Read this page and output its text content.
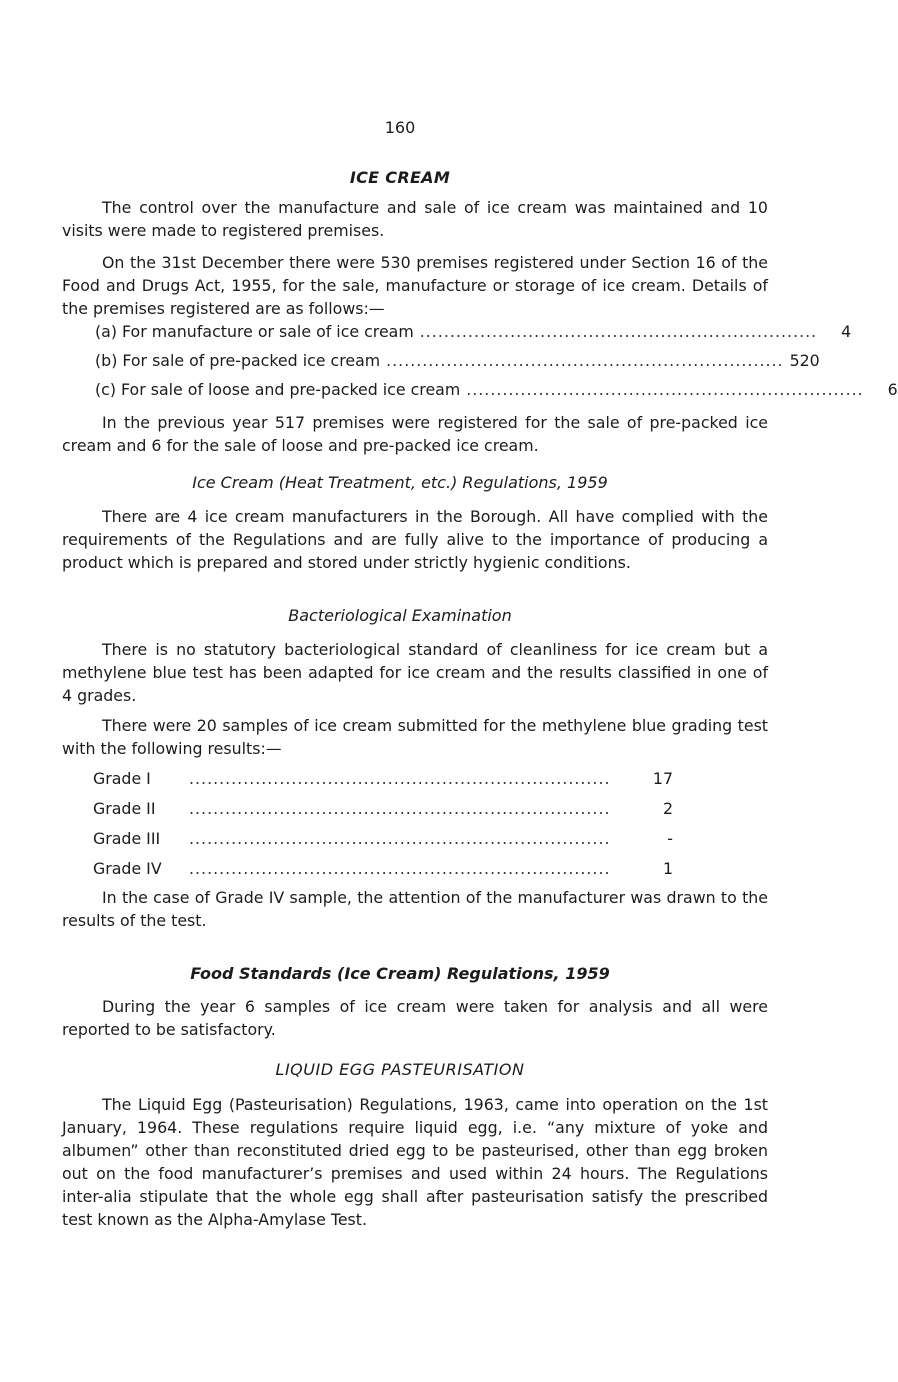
160
ICE CREAM
The control over the manufacture and sale of ice cream was maintained and 10 visits were made to registered premises.
On the 31st December there were 530 premises registered under Section 16 of the Food and Drugs Act, 1955, for the sale, manufacture or storage of ice cream. Details of the premises registered are as follows:—
(a) For manufacture or sale of ice cream ..................................................................	4
(b) For sale of pre-packed ice cream .................................................................. 520
(c) For sale of loose and pre-packed ice cream ..................................................................	6
In the previous year 517 premises were registered for the sale of pre-packed ice cream and 6 for the sale of loose and pre-packed ice cream.
Ice Cream (Heat Treatment, etc.) Regulations, 1959
There are 4 ice cream manufacturers in the Borough. All have complied with the requirements of the Regulations and are fully alive to the importance of producing a product which is prepared and stored under strictly hygienic conditions.
Bacteriological Examination
There is no statutory bacteriological standard of cleanliness for ice cream but a methylene blue test has been adapted for ice cream and the results classified in one of 4 grades.
There were 20 samples of ice cream submitted for the methylene blue grading test with the following results:—
Grade I	......................................................................	17
Grade II	......................................................................	2
Grade III	......................................................................	-
Grade IV	......................................................................	1
In the case of Grade IV sample, the attention of the manufacturer was drawn to the results of the test.
Food Standards (Ice Cream) Regulations, 1959
During the year 6 samples of ice cream were taken for analysis and all were reported to be satisfactory.
LIQUID EGG PASTEURISATION
The Liquid Egg (Pasteurisation) Regulations, 1963, came into operation on the 1st January, 1964. These regulations require liquid egg, i.e. “any mixture of yoke and albumen” other than reconstituted dried egg to be pasteurised, other than egg broken out on the food manufacturer’s premises and used within 24 hours. The Regulations inter-alia stipulate that the whole egg shall after pasteurisation satisfy the prescribed test known as the Alpha-Amylase Test.
